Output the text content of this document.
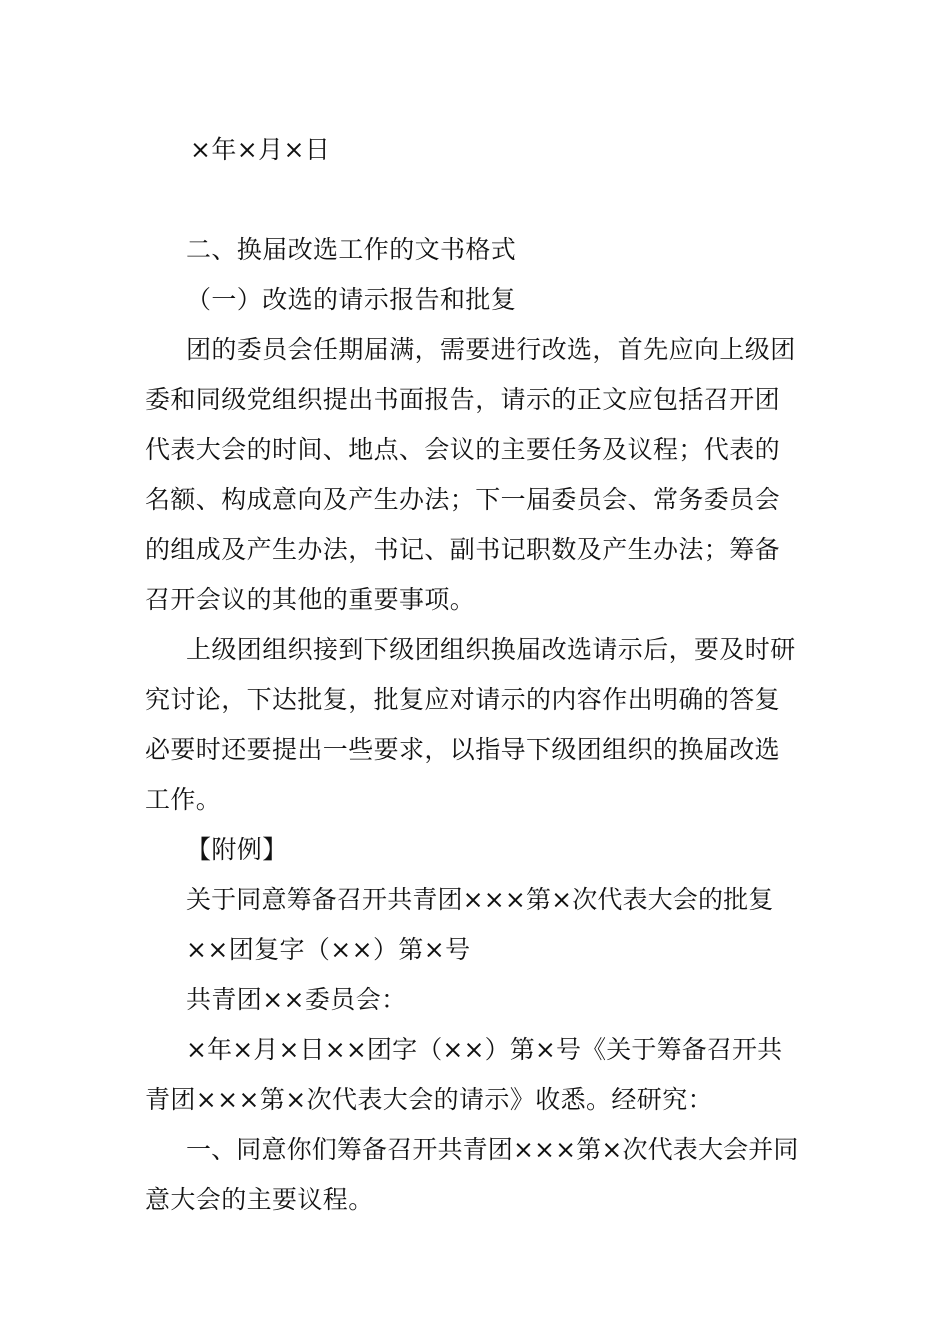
×年×月×日
二、换届改选工作的文书格式
（一）改选的请示报告和批复
团的委员会任期届满，需要进行改选，首先应向上级团
委和同级党组织提出书面报告，请示的正文应包括召开团
代表大会的时间、地点、会议的主要任务及议程；代表的
名额、构成意向及产生办法；下一届委员会、常务委员会
的组成及产生办法，书记、副书记职数及产生办法；筹备
召开会议的其他的重要事项。
上级团组织接到下级团组织换届改选请示后，要及时研
究讨论，下达批复，批复应对请示的内容作出明确的答复
必要时还要提出一些要求，以指导下级团组织的换届改选
工作。
【附例】
关于同意筹备召开共青团×××第×次代表大会的批复
××团复字（××）第×号
共青团××委员会：
×年×月×日××团字（××）第×号《关于筹备召开共
青团×××第×次代表大会的请示》收悉。经研究：
一、同意你们筹备召开共青团×××第×次代表大会并同
意大会的主要议程。
